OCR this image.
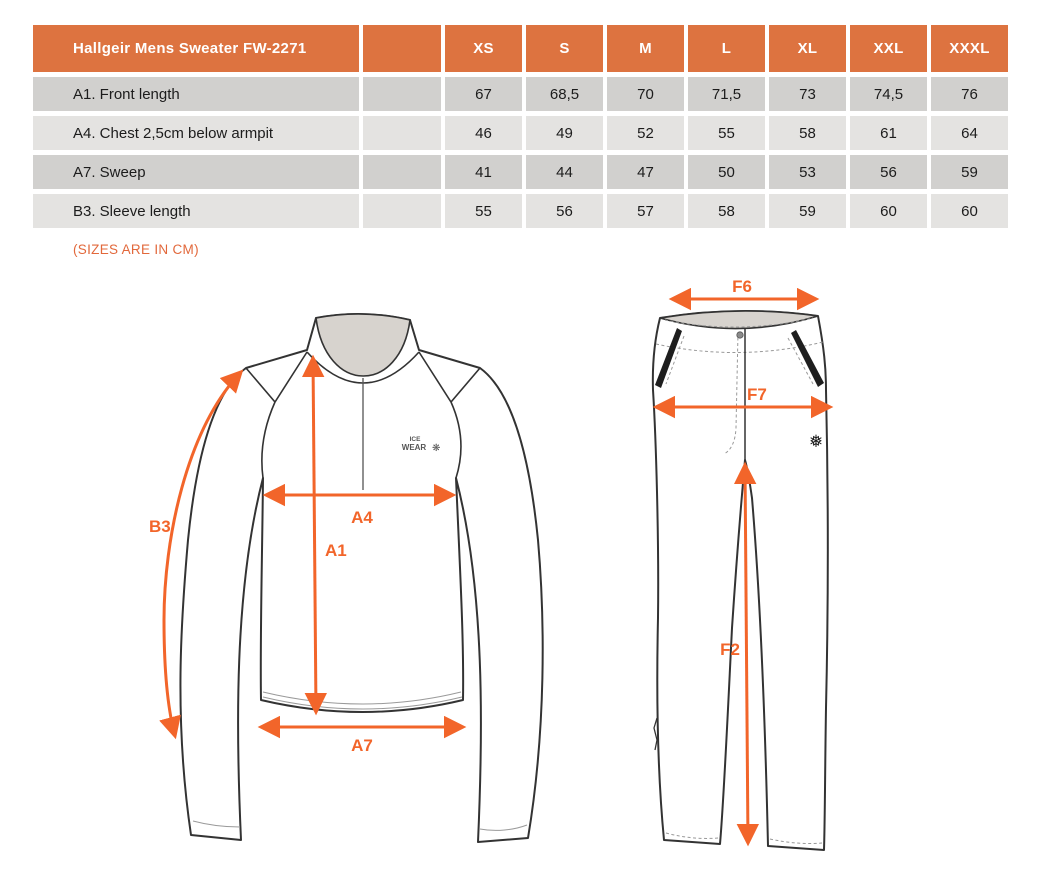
Hallgeir Mens Sweater FW-2271	XS	S	M	L	XL	XXL	XXXL
A1. Front length	67	68,5	70	71,5	73	74,5	76
A4. Chest 2,5cm below armpit	46	49	52	55	58	61	64
A7. Sweep	41	44	47	50	53	56	59
B3. Sleeve length	55	56	57	58	59	60	60
(SIZES ARE IN CM)
ICE
WEAR ❋
A4
A1
A7
B3
❅
F6
F7
F2
